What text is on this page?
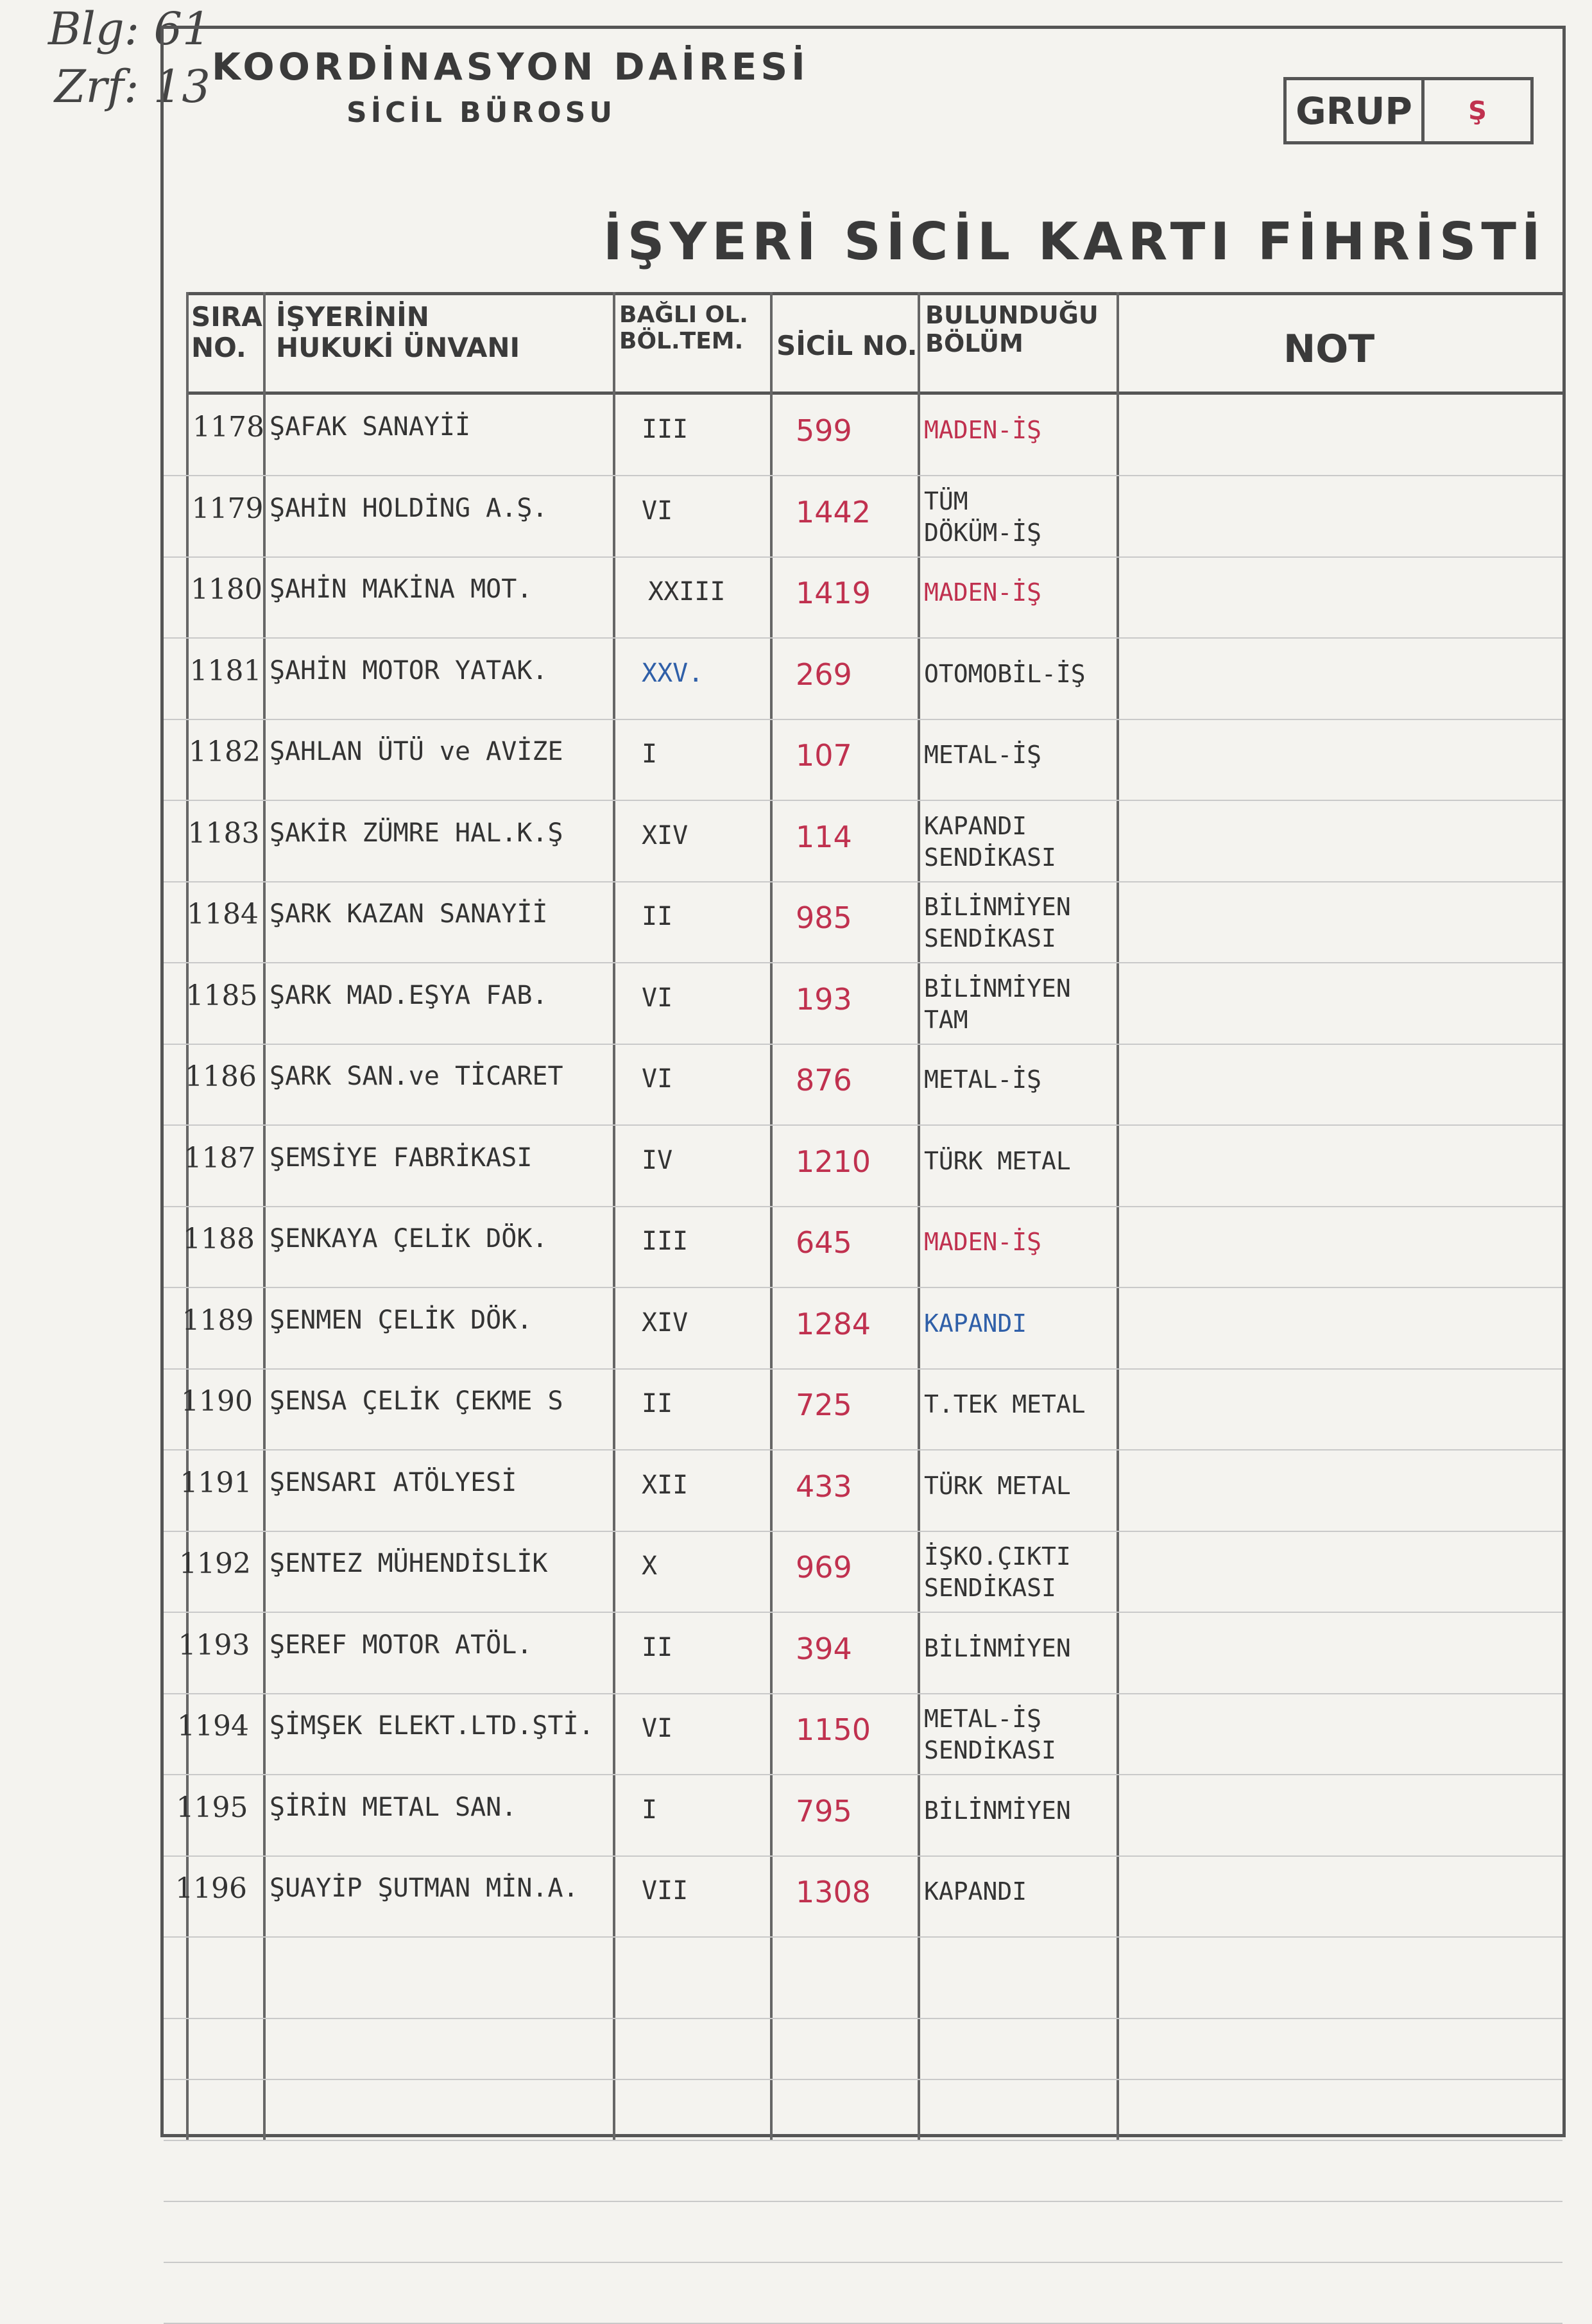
Blg: 61
Zrf: 13 KOORDİNASYON DAİRESİ
SİCİL BÜROSU	GRUP	Ş
İŞYERİ SİCİL KARTI FİHRİSTİ
SIRA
NO.
İŞYERİNİN
HUKUKİ ÜNVANI
BAĞLI OL.
BÖL.TEM. SİCİL NO.
BULUNDUĞU
BÖLÜM	NOT
1178 ŞAFAK SANAYİİ	III	599	MADEN-İŞ
1179 ŞAHİN HOLDİNG A.Ş.	VI	1442 TÜM
DÖKÜM-İŞ
1180 ŞAHİN MAKİNA MOT.	XXIII 1419 MADEN-İŞ
1181 ŞAHİN MOTOR YATAK.	XXV.	269	OTOMOBİL-İŞ
1182 ŞAHLAN ÜTÜ ve AVİZE	I	107	METAL-İŞ
1183 ŞAKİR ZÜMRE HAL.K.Ş	XIV	114	KAPANDI
SENDİKASI
1184 ŞARK KAZAN SANAYİİ	II	985	BİLİNMİYEN
SENDİKASI
1185 ŞARK MAD.EŞYA FAB.	VI	193	BİLİNMİYEN
TAM
1186 ŞARK SAN.ve TİCARET	VI	876	METAL-İŞ
1187 ŞEMSİYE FABRİKASI	IV	1210 TÜRK METAL
1188 ŞENKAYA ÇELİK DÖK.	III	645	MADEN-İŞ
1189 ŞENMEN ÇELİK DÖK.	XIV	1284 KAPANDI
1190 ŞENSA ÇELİK ÇEKME S	II	725	T.TEK METAL
1191 ŞENSARI ATÖLYESİ	XII	433	TÜRK METAL
1192 ŞENTEZ MÜHENDİSLİK	X	969	İŞKO.ÇIKTI
SENDİKASI
1193 ŞEREF MOTOR ATÖL.	II	394	BİLİNMİYEN
1194 ŞİMŞEK ELEKT.LTD.ŞTİ. VI	1150 METAL-İŞ
SENDİKASI
1195 ŞİRİN METAL SAN.	I	795	BİLİNMİYEN
1196 ŞUAYİP ŞUTMAN MİN.A. VII	1308 KAPANDI
